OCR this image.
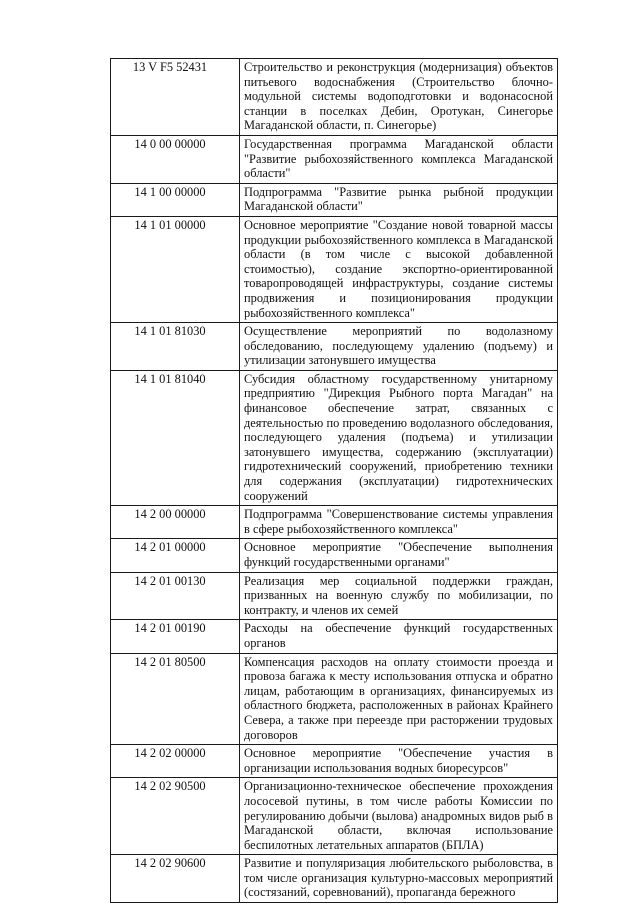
13 V F5 52431	Строительство и реконструкция (модернизация) объектов питьевого водоснабжения (Строительство блочно-модульной системы водоподготовки и водонасосной станции в поселках Дебин, Оротукан, Синегорье Магаданской области, п. Синегорье)
14 0 00 00000	Государственная программа Магаданской области "Развитие рыбохозяйственного комплекса Магаданской области"
14 1 00 00000	Подпрограмма "Развитие рынка рыбной продукции Магаданской области"
14 1 01 00000	Основное мероприятие "Создание новой товарной массы продукции рыбохозяйственного комплекса в Магаданской области (в том числе с высокой добавленной стоимостью), создание экспортно-ориентированной товаропроводящей инфраструктуры, создание системы продвижения и позиционирования продукции рыбохозяйственного комплекса"
14 1 01 81030	Осуществление мероприятий по водолазному обследованию, последующему удалению (подъему) и утилизации затонувшего имущества
14 1 01 81040	Субсидия областному государственному унитарному предприятию "Дирекция Рыбного порта Магадан" на финансовое обеспечение затрат, связанных с деятельностью по проведению водолазного обследования, последующего удаления (подъема) и утилизации затонувшего имущества, содержанию (эксплуатации) гидротехнический сооружений, приобретению техники для содержания (эксплуатации) гидротехнических сооружений
14 2 00 00000	Подпрограмма "Совершенствование системы управления в сфере рыбохозяйственного комплекса"
14 2 01 00000	Основное мероприятие "Обеспечение выполнения функций государственными органами"
14 2 01 00130	Реализация мер социальной поддержки граждан, призванных на военную службу по мобилизации, по контракту, и членов их семей
14 2 01 00190	Расходы на обеспечение функций государственных органов
14 2 01 80500	Компенсация расходов на оплату стоимости проезда и провоза багажа к месту использования отпуска и обратно лицам, работающим в организациях, финансируемых из областного бюджета, расположенных в районах Крайнего Севера, а также при переезде при расторжении трудовых договоров
14 2 02 00000	Основное мероприятие "Обеспечение участия в организации использования водных биоресурсов"
14 2 02 90500	Организационно-техническое обеспечение прохождения лососевой путины, в том числе работы Комиссии по регулированию добычи (вылова) анадромных видов рыб в Магаданской области, включая использование беспилотных летательных аппаратов (БПЛА)
14 2 02 90600	Развитие и популяризация любительского рыболовства, в том числе организация культурно-массовых мероприятий (состязаний, соревнований), пропаганда бережного
